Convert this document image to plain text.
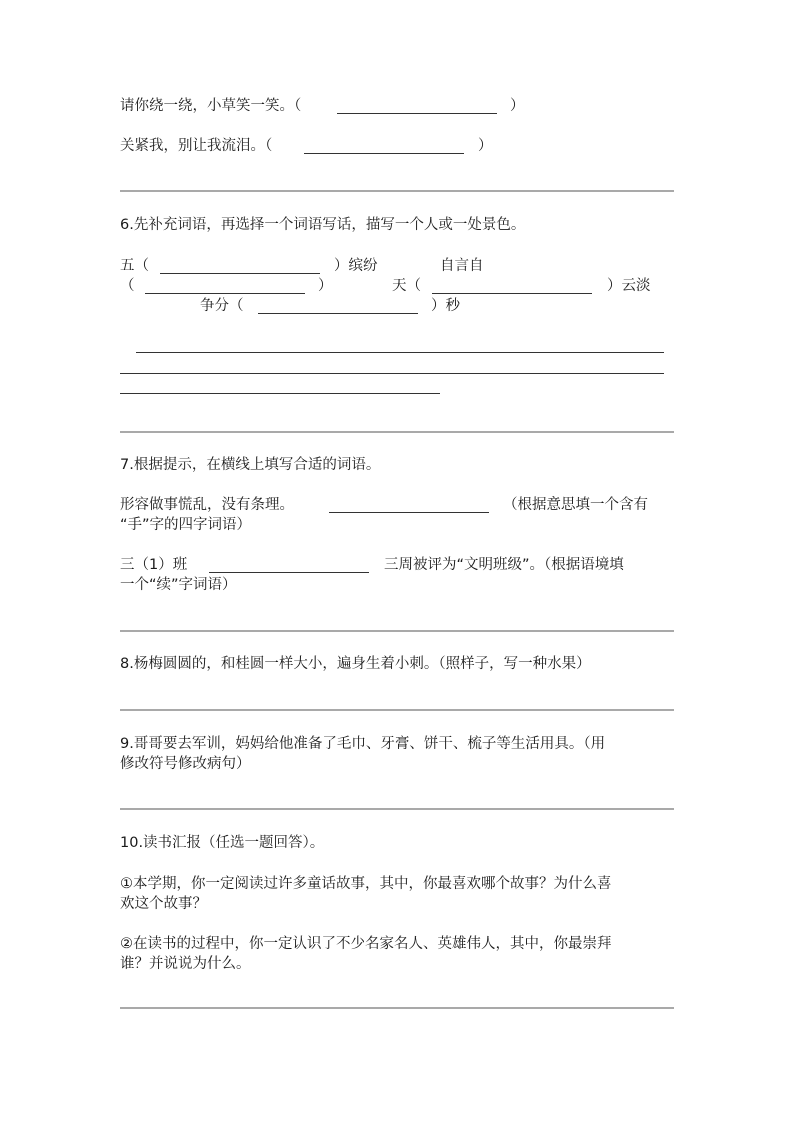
请你绕一绕，小草笑一笑。（	）
关紧我，别让我流泪。（	）
6.先补充词语，再选择一个词语写话，描写一个人或一处景色。
五（	）缤纷	自言自
（	）	天（	）云淡
争分（	）秒
7.根据提示，在横线上填写合适的词语。
形容做事慌乱，没有条理。	（根据意思填一个含有
“手”字的四字词语）
三（1）班	三周被评为“文明班级”。（根据语境填
一个“续”字词语）
8.杨梅圆圆的，和桂圆一样大小，遍身生着小刺。（照样子，写一种水果）
9.哥哥要去军训，妈妈给他准备了毛巾、牙膏、饼干、梳子等生活用具。（用
修改符号修改病句）
10.读书汇报（任选一题回答）。
①本学期，你一定阅读过许多童话故事，其中，你最喜欢哪个故事？为什么喜
欢这个故事？
②在读书的过程中，你一定认识了不少名家名人、英雄伟人，其中，你最崇拜
谁？并说说为什么。
